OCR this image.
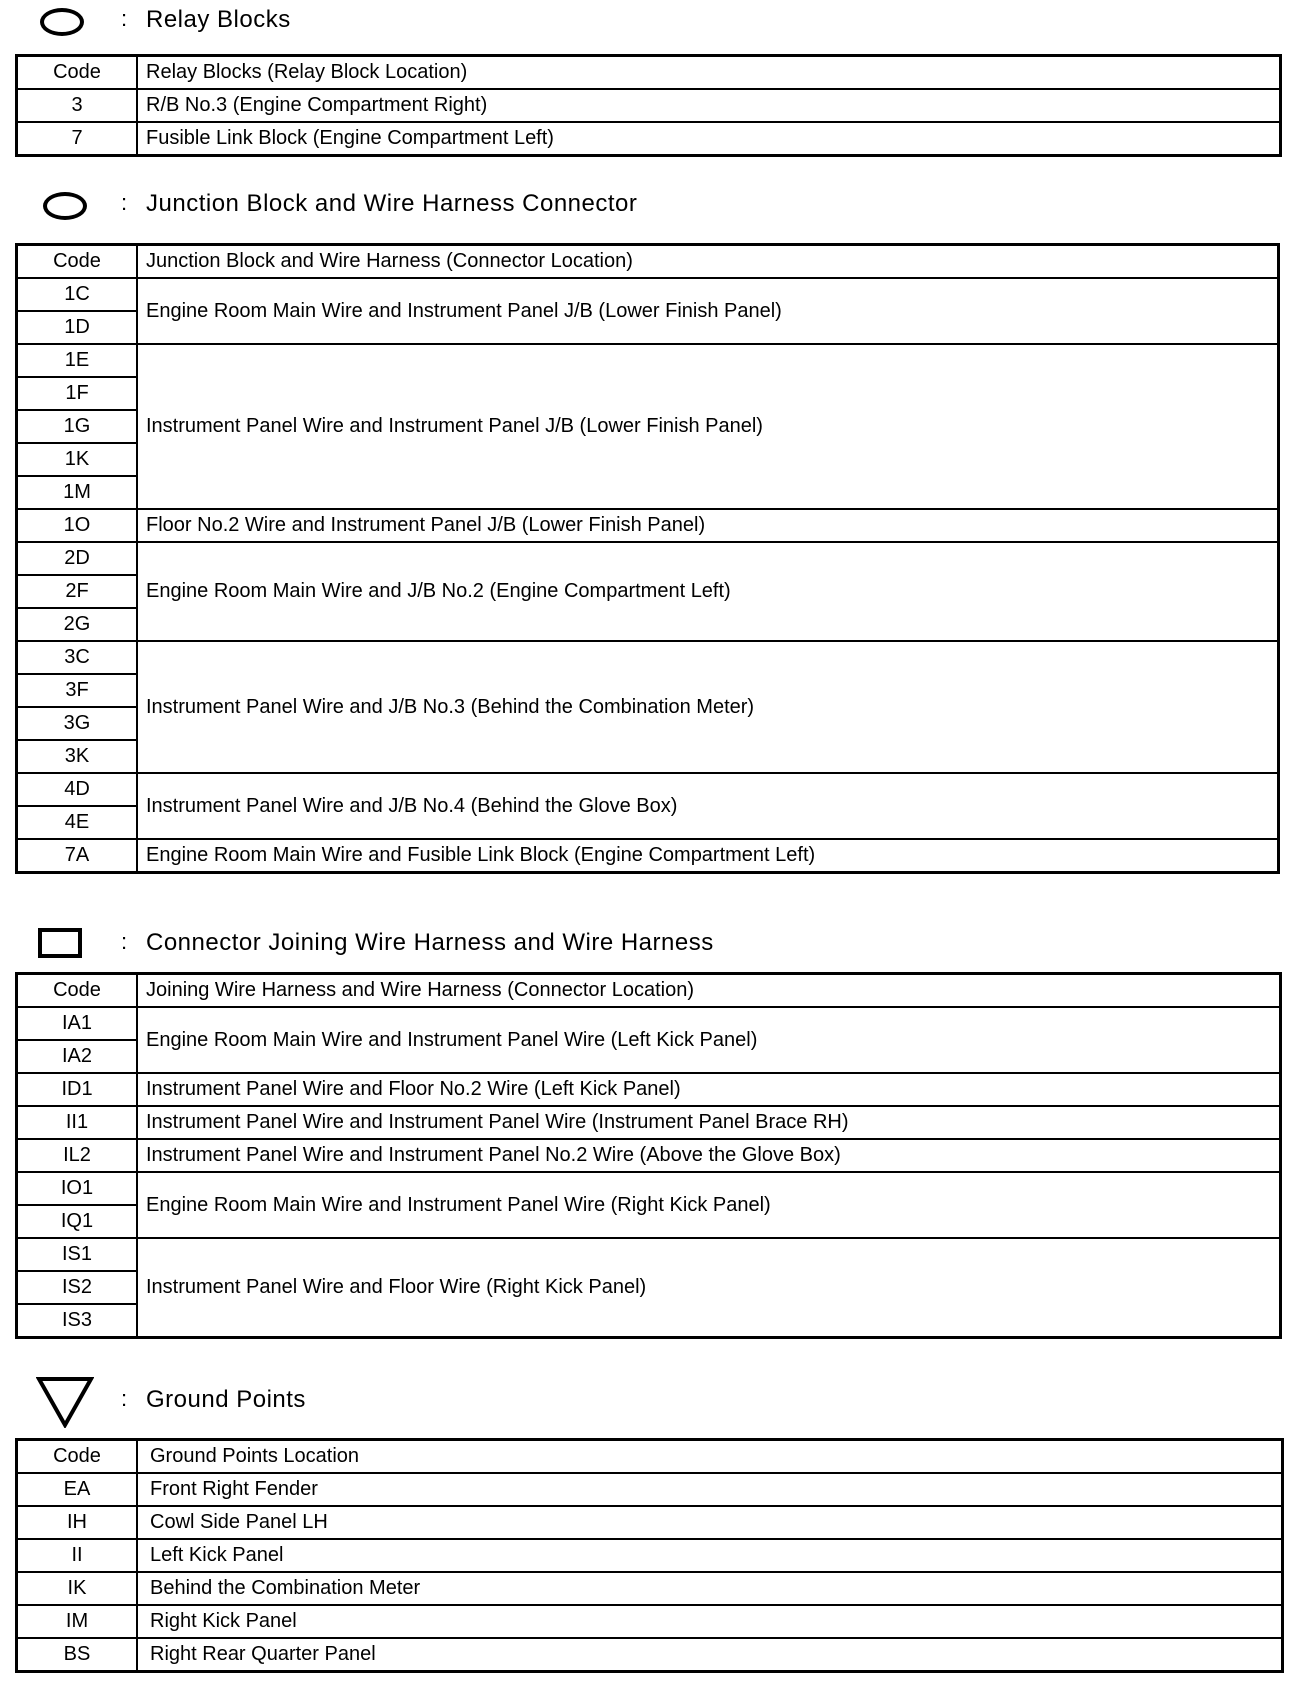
: Relay Blocks
Code	Relay Blocks (Relay Block Location)
3	R/B No.3 (Engine Compartment Right)
7	Fusible Link Block (Engine Compartment Left)
: Junction Block and Wire Harness Connector
Code	Junction Block and Wire Harness (Connector Location)
1C	Engine Room Main Wire and Instrument Panel J/B (Lower Finish Panel)
1D	
1E	Instrument Panel Wire and Instrument Panel J/B (Lower Finish Panel)
1F	
1G	
1K	
1M	
1O	Floor No.2 Wire and Instrument Panel J/B (Lower Finish Panel)
2D	Engine Room Main Wire and J/B No.2 (Engine Compartment Left)
2F	
2G	
3C	Instrument Panel Wire and J/B No.3 (Behind the Combination Meter)
3F	
3G	
3K	
4D	Instrument Panel Wire and J/B No.4 (Behind the Glove Box)
4E	
7A	Engine Room Main Wire and Fusible Link Block (Engine Compartment Left)
: Connector Joining Wire Harness and Wire Harness
Code	Joining Wire Harness and Wire Harness (Connector Location)
IA1	Engine Room Main Wire and Instrument Panel Wire (Left Kick Panel)
IA2	
ID1	Instrument Panel Wire and Floor No.2 Wire (Left Kick Panel)
II1	Instrument Panel Wire and Instrument Panel Wire (Instrument Panel Brace RH)
IL2	Instrument Panel Wire and Instrument Panel No.2 Wire (Above the Glove Box)
IO1	Engine Room Main Wire and Instrument Panel Wire (Right Kick Panel)
IQ1	
IS1	Instrument Panel Wire and Floor Wire (Right Kick Panel)
IS2	
IS3	
: Ground Points
Code	Ground Points Location
EA	Front Right Fender
IH	Cowl Side Panel LH
II	Left Kick Panel
IK	Behind the Combination Meter
IM	Right Kick Panel
BS	Right Rear Quarter Panel
